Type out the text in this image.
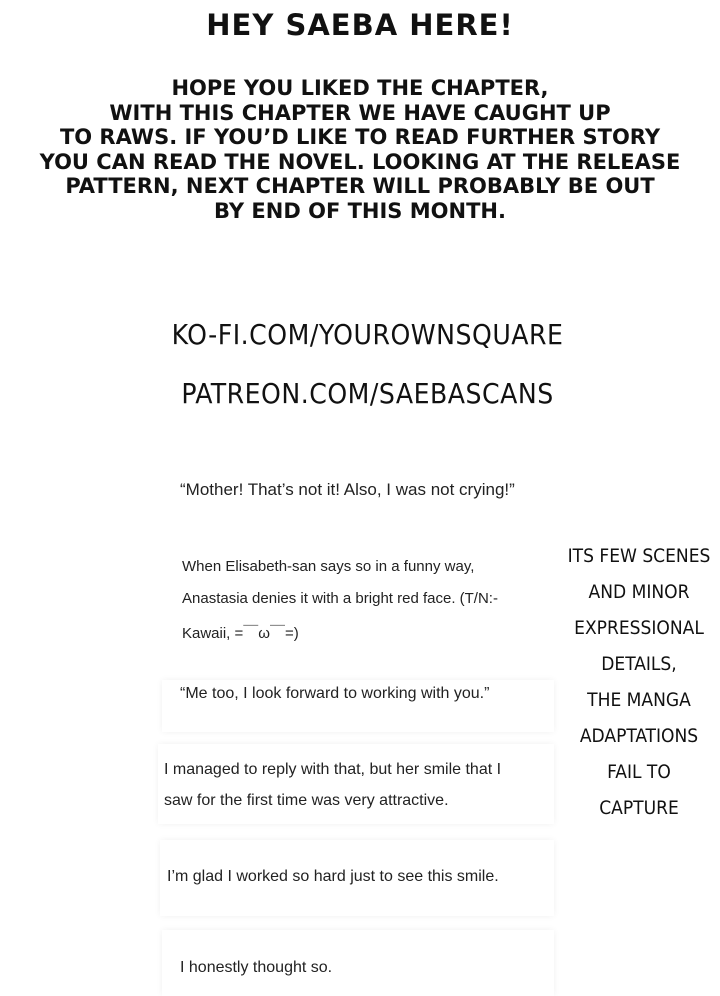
HEY SAEBA HERE!
HOPE YOU LIKED THE CHAPTER,
WITH THIS CHAPTER WE HAVE CAUGHT UP
TO RAWS. IF YOU’D LIKE TO READ FURTHER STORY
YOU CAN READ THE NOVEL. LOOKING AT THE RELEASE
PATTERN, NEXT CHAPTER WILL PROBABLY BE OUT
BY END OF THIS MONTH.
KO-FI.COM/YOUROWNSQUARE
PATREON.COM/SAEBASCANS
“Mother! That’s not it! Also, I was not crying!”
When Elisabeth-san says so in a funny way,
Anastasia denies it with a bright red face. (T/N:-
Kawaii, =￣ω￣=)
“Me too, I look forward to working with you.”
I managed to reply with that, but her smile that I
saw for the first time was very attractive.
I’m glad I worked so hard just to see this smile.
I honestly thought so.
ITS FEW SCENES
AND MINOR
EXPRESSIONAL
DETAILS,
THE MANGA
ADAPTATIONS
FAIL TO
CAPTURE
